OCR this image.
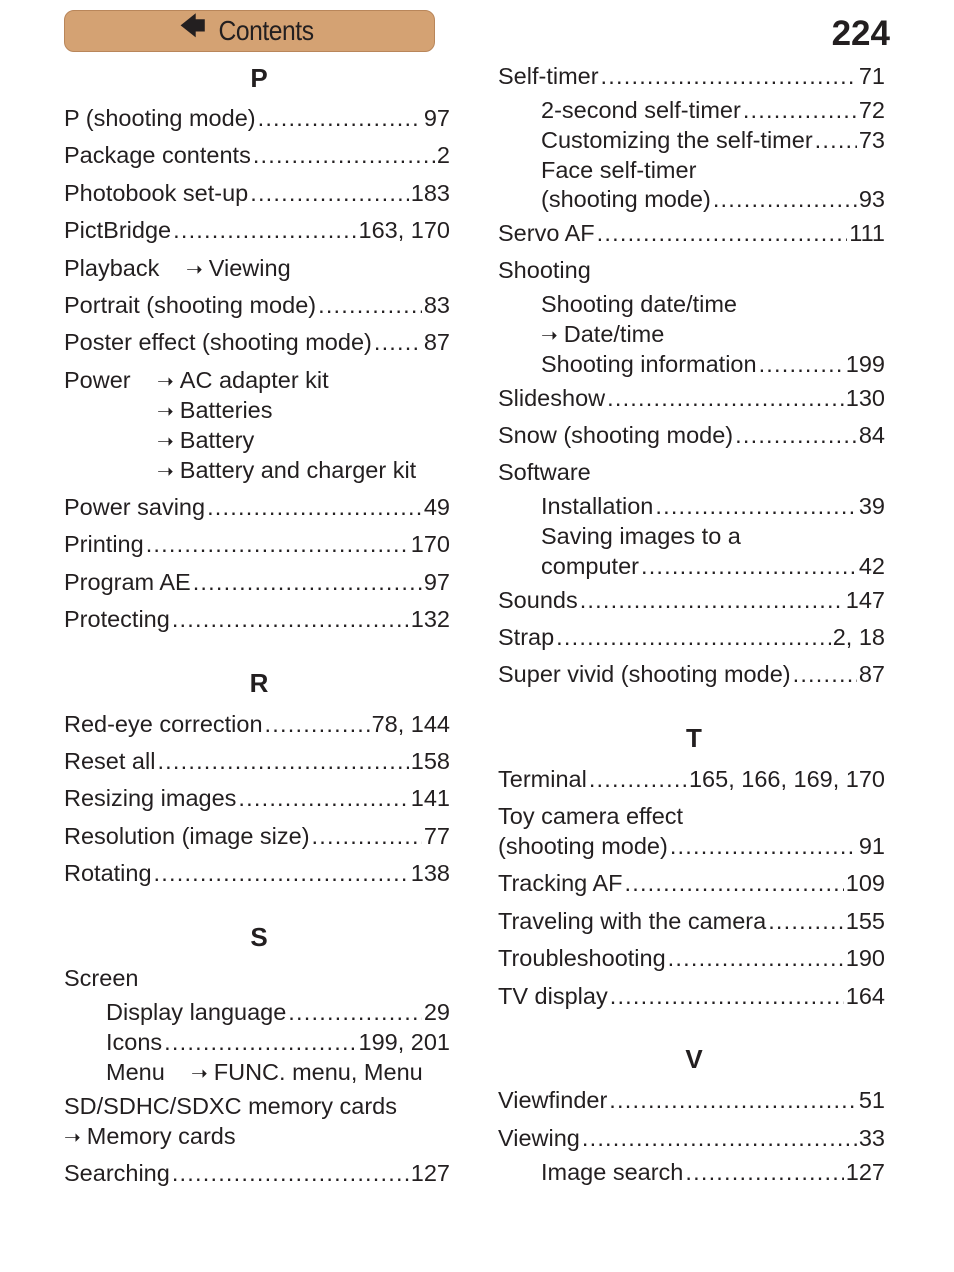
🡄 Contents	224
P
P (shooting mode) .....	97
Package contents .....	2
Photobook set-up .....	183
PictBridge .....	163, 170
Playback ➝ Viewing
Portrait (shooting mode) .....	83
Poster effect (shooting mode) ..... 87
Power ➝ AC adapter kit
➝ Batteries
➝ Battery
➝ Battery and charger kit
Power saving .....	49
Printing .....	170
Program AE .....	97
Protecting .....	132
R
Red-eye correction .....	78, 144
Reset all .....	158
Resizing images .....	141
Resolution (image size) .....	77
Rotating .....	138
S
Screen
Display language .....	29
Icons .....	199, 201
Menu ➝ FUNC. menu, Menu
SD/SDHC/SDXC memory cards
➝ Memory cards
Searching .....	127
Self-timer .....	71
2-second self-timer .....	72
Customizing the self-timer ..... 73
Face self-timer
(shooting mode) .....	93
Servo AF .....	111
Shooting
Shooting date/time
➝ Date/time
Shooting information .....	199
Slideshow .....	130
Snow (shooting mode) .....	84
Software
Installation .....	39
Saving images to a
computer .....	42
Sounds .....	147
Strap .....	2, 18
Super vivid (shooting mode) .....	87
T
Terminal .....	165, 166, 169, 170
Toy camera effect
(shooting mode) .....	91
Tracking AF .....	109
Traveling with the camera .....	155
Troubleshooting .....	190
TV display .....	164
V
Viewfinder .....	51
Viewing .....	33
Image search .....	127
